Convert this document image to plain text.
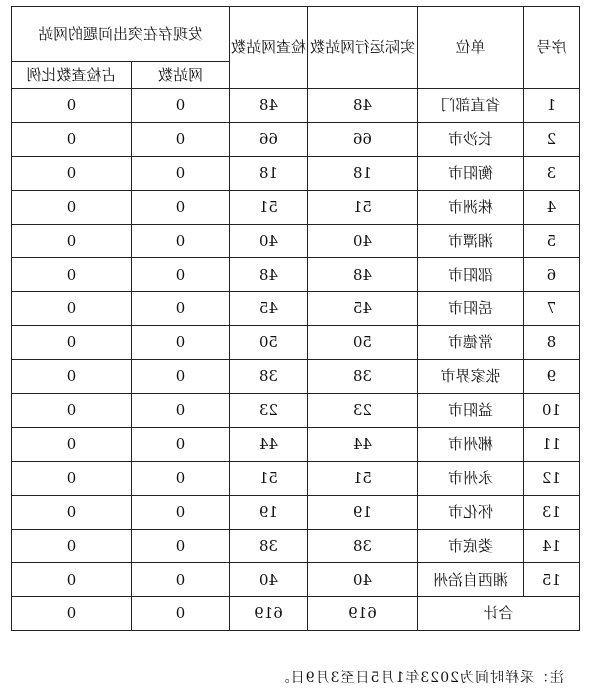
序号	单位	实际运行网站数	检查网站数	发现存在突出问题的网站	
				网站数	占检查数比例
1	省直部门	48	48	0	0
2	长沙市	66	66	0	0
3	衡阳市	18	18	0	0
4	株洲市	51	51	0	0
5	湘潭市	40	40	0	0
6	邵阳市	48	48	0	0
7	岳阳市	45	45	0	0
8	常德市	50	50	0	0
9	张家界市	38	38	0	0
10	益阳市	23	23	0	0
11	郴州市	44	44	0	0
12	永州市	51	51	0	0
13	怀化市	19	19	0	0
14	娄底市	38	38	0	0
15	湘西自治州	40	40	0	0
合计		619	619	0	0
注：采样时间为2023年1月5日至3月9日。
